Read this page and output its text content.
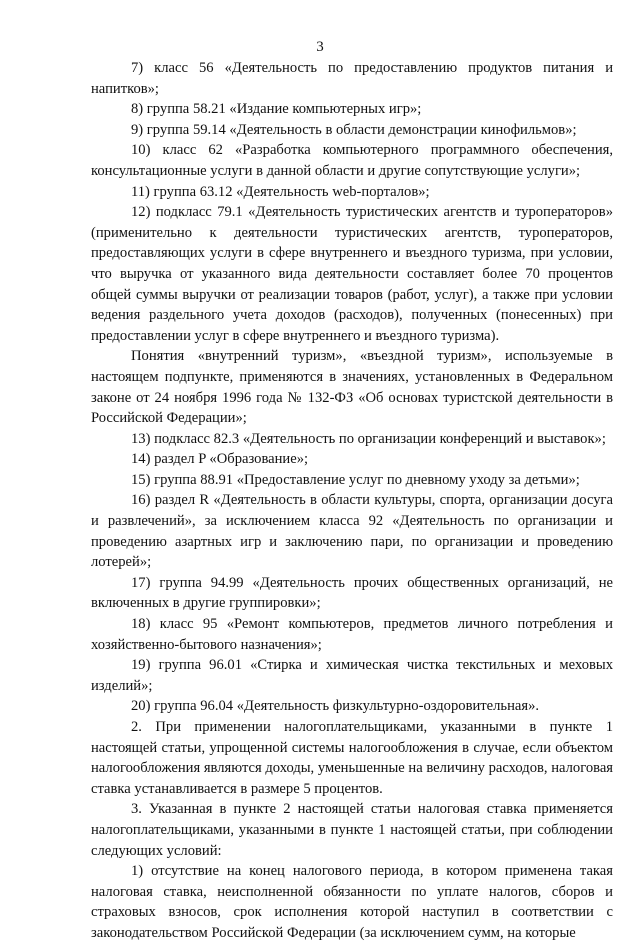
3

7) класс 56 «Деятельность по предоставлению продуктов питания и напитков»;

8) группа 58.21 «Издание компьютерных игр»;

9) группа 59.14 «Деятельность в области демонстрации кинофильмов»;

10) класс 62 «Разработка компьютерного программного обеспечения, консультационные услуги в данной области и другие сопутствующие услуги»;

11) группа 63.12 «Деятельность web-порталов»;

12) подкласс 79.1 «Деятельность туристических агентств и туроператоров» (применительно к деятельности туристических агентств, туроператоров, предоставляющих услуги в сфере внутреннего и въездного туризма, при условии, что выручка от указанного вида деятельности составляет более 70 процентов общей суммы выручки от реализации товаров (работ, услуг), а также при условии ведения раздельного учета доходов (расходов), полученных (понесенных) при предоставлении услуг в сфере внутреннего и въездного туризма).

Понятия «внутренний туризм», «въездной туризм», используемые в настоящем подпункте, применяются в значениях, установленных в Федеральном законе от 24 ноября 1996 года № 132-ФЗ «Об основах туристской деятельности в Российской Федерации»;

13) подкласс 82.3 «Деятельность по организации конференций и выставок»;

14) раздел P «Образование»;

15) группа 88.91 «Предоставление услуг по дневному уходу за детьми»;

16) раздел R «Деятельность в области культуры, спорта, организации досуга и развлечений», за исключением класса 92 «Деятельность по организации и проведению азартных игр и заключению пари, по организации и проведению лотерей»;

17) группа 94.99 «Деятельность прочих общественных организаций, не включенных в другие группировки»;

18) класс 95 «Ремонт компьютеров, предметов личного потребления и хозяйственно-бытового назначения»;

19) группа 96.01 «Стирка и химическая чистка текстильных и меховых изделий»;

20) группа 96.04 «Деятельность физкультурно-оздоровительная».

2. При применении налогоплательщиками, указанными в пункте 1 настоящей статьи, упрощенной системы налогообложения в случае, если объектом налогообложения являются доходы, уменьшенные на величину расходов, налоговая ставка устанавливается в размере 5 процентов.

3. Указанная в пункте 2 настоящей статьи налоговая ставка применяется налогоплательщиками, указанными в пункте 1 настоящей статьи, при соблюдении следующих условий:

1) отсутствие на конец налогового периода, в котором применена такая налоговая ставка, неисполненной обязанности по уплате налогов, сборов и страховых взносов, срок исполнения которой наступил в соответствии с законодательством Российской Федерации (за исключением сумм, на которые
